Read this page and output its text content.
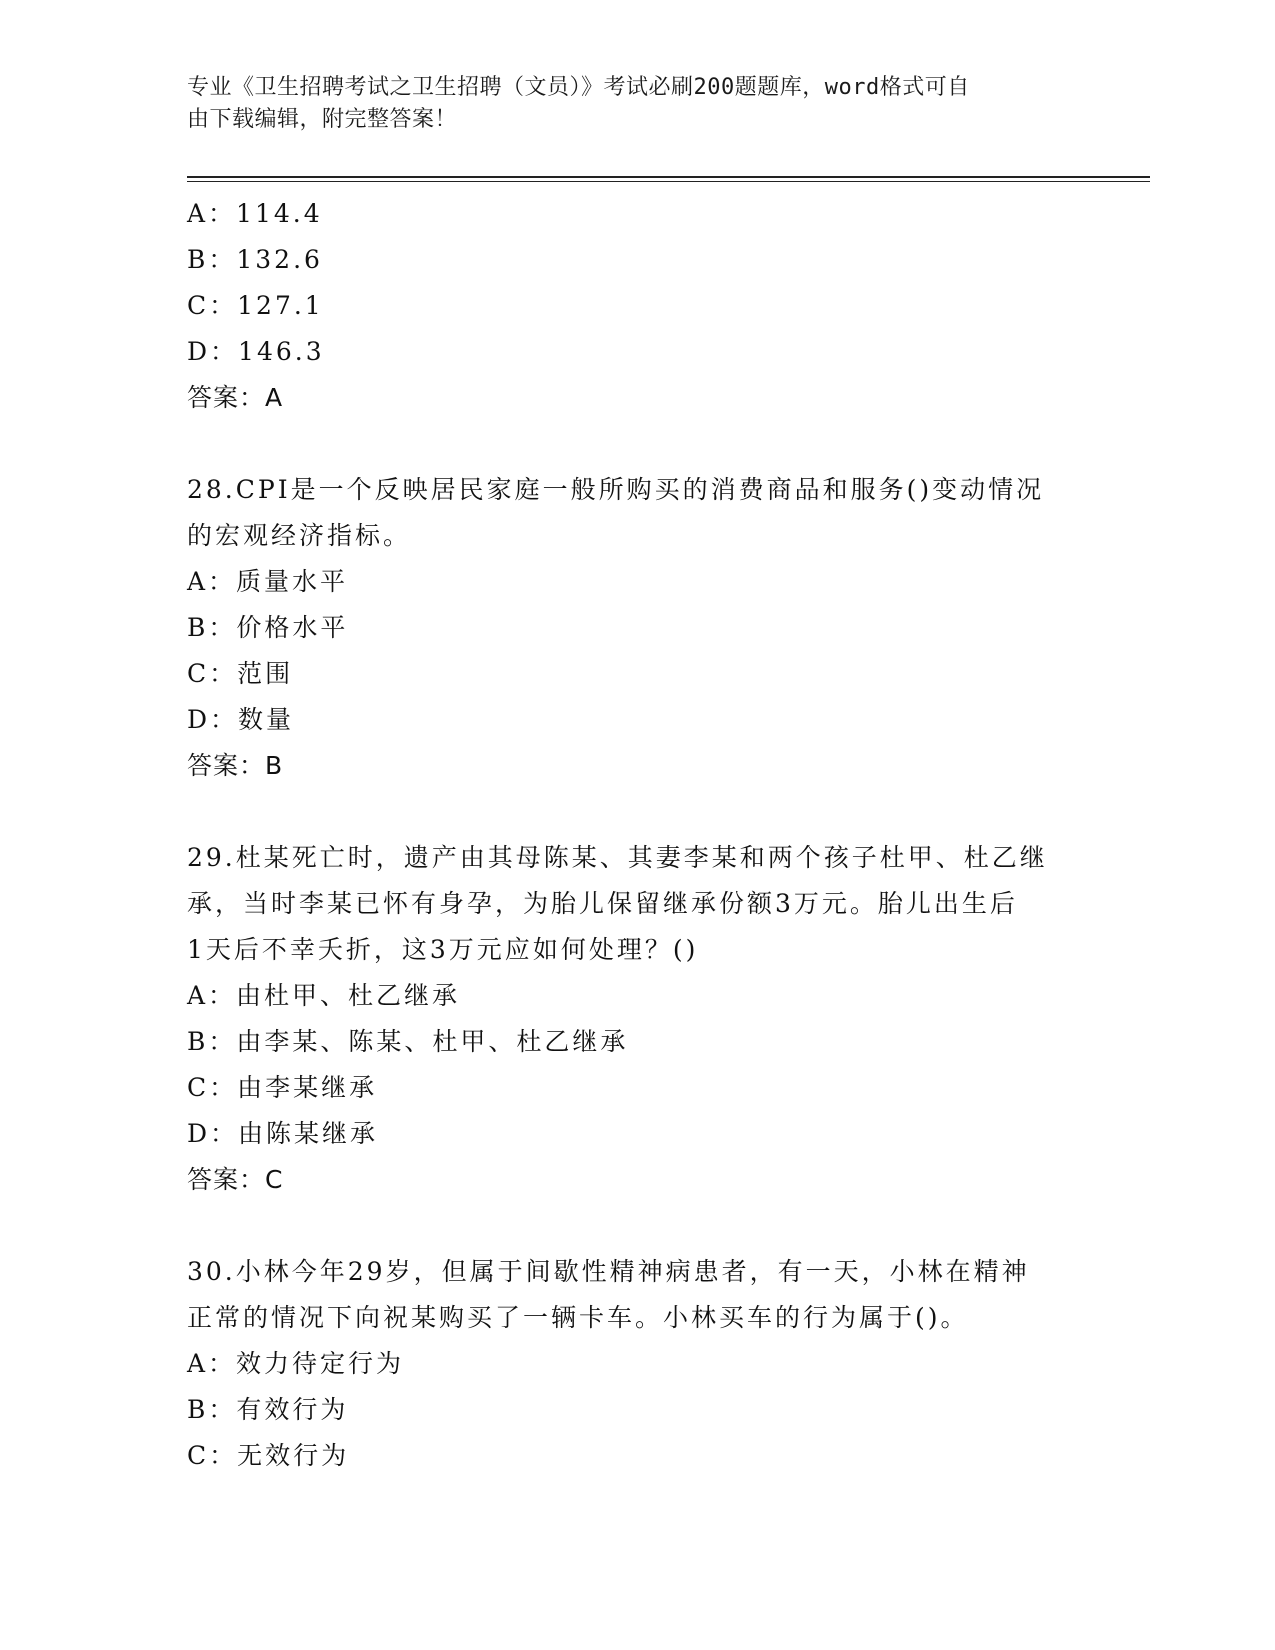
专业《卫生招聘考试之卫生招聘（文员）》考试必刷200题题库，word格式可自
由下载编辑，附完整答案！
A：114.4
B：132.6
C：127.1
D：146.3
答案：A
28.CPI是一个反映居民家庭一般所购买的消费商品和服务()变动情况
的宏观经济指标。
A：质量水平
B：价格水平
C：范围
D：数量
答案：B
29.杜某死亡时，遗产由其母陈某、其妻李某和两个孩子杜甲、杜乙继
承，当时李某已怀有身孕，为胎儿保留继承份额3万元。胎儿出生后
1天后不幸夭折，这3万元应如何处理？()
A：由杜甲、杜乙继承
B：由李某、陈某、杜甲、杜乙继承
C：由李某继承
D：由陈某继承
答案：C
30.小林今年29岁，但属于间歇性精神病患者，有一天，小林在精神
正常的情况下向祝某购买了一辆卡车。小林买车的行为属于()。
A：效力待定行为
B：有效行为
C：无效行为
